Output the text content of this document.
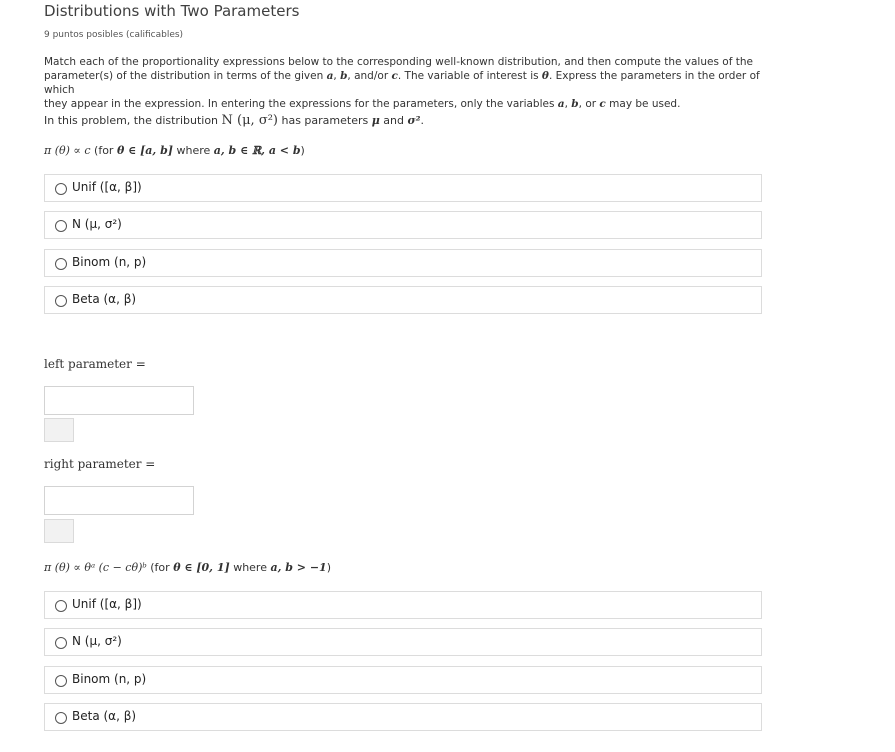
Distributions with Two Parameters
9 puntos posibles (calificables)
Match each of the proportionality expressions below to the corresponding well-known distribution, and then compute the values of the
parameter(s) of the distribution in terms of the given a, b, and/or c. The variable of interest is θ. Express the parameters in the order of which
they appear in the expression. In entering the expressions for the parameters, only the variables a, b, or c may be used.
In this problem, the distribution N (μ, σ²) has parameters μ and σ².
π (θ) ∝ c (for θ ∈ [a, b] where a, b ∈ ℝ, a < b)
Unif ([α, β])
N (μ, σ²)
Binom (n, p)
Beta (α, β)
left parameter =
right parameter =
π (θ) ∝ θᵃ (c − cθ)ᵇ (for θ ∈ [0, 1] where a, b > −1)
Unif ([α, β])
N (μ, σ²)
Binom (n, p)
Beta (α, β)
